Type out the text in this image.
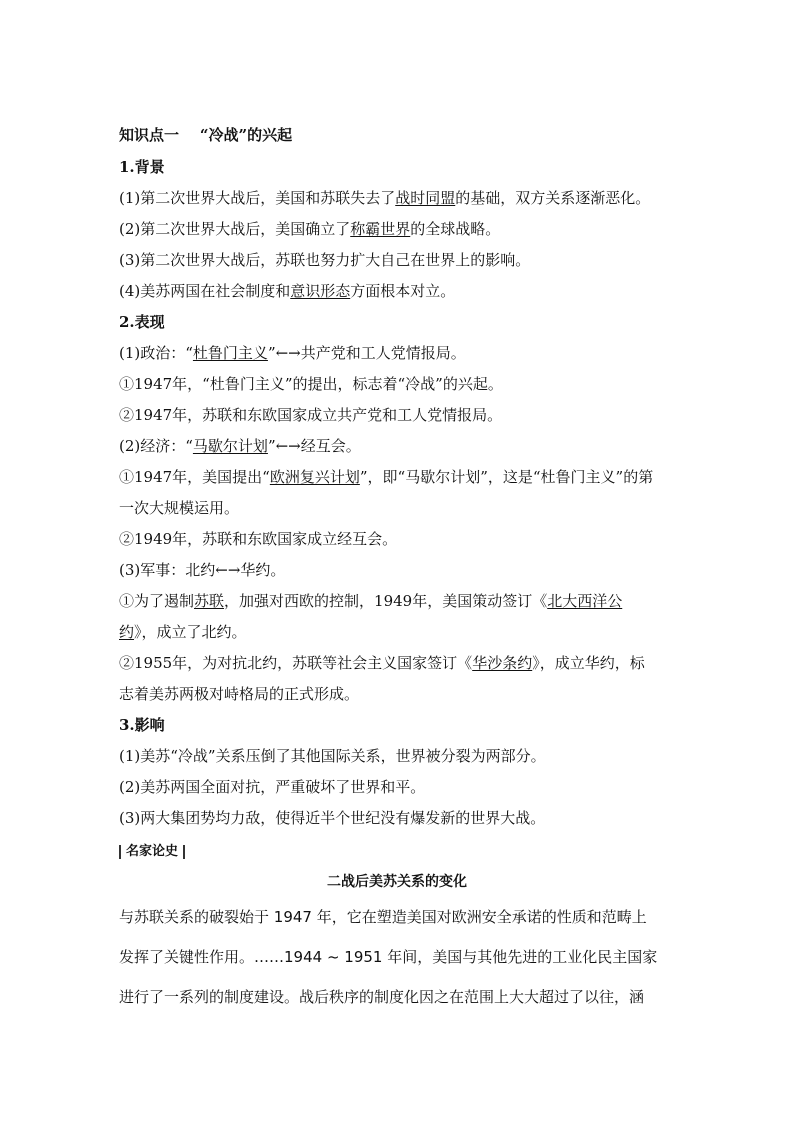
知识点一 “冷战”的兴起
1.背景
(1)第二次世界大战后，美国和苏联失去了战时同盟的基础，双方关系逐渐恶化。
(2)第二次世界大战后，美国确立了称霸世界的全球战略。
(3)第二次世界大战后，苏联也努力扩大自己在世界上的影响。
(4)美苏两国在社会制度和意识形态方面根本对立。
2.表现
(1)政治：“杜鲁门主义”←→共产党和工人党情报局。
①1947年，“杜鲁门主义”的提出，标志着“冷战”的兴起。
②1947年，苏联和东欧国家成立共产党和工人党情报局。
(2)经济：“马歇尔计划”←→经互会。
①1947年，美国提出“欧洲复兴计划”，即“马歇尔计划”，这是“杜鲁门主义”的第
一次大规模运用。
②1949年，苏联和东欧国家成立经互会。
(3)军事：北约←→华约。
①为了遏制苏联，加强对西欧的控制，1949年，美国策动签订《北大西洋公
约》，成立了北约。
②1955年，为对抗北约，苏联等社会主义国家签订《华沙条约》，成立华约，标
志着美苏两极对峙格局的正式形成。
3.影响
(1)美苏“冷战”关系压倒了其他国际关系，世界被分裂为两部分。
(2)美苏两国全面对抗，严重破坏了世界和平。
(3)两大集团势均力敌，使得近半个世纪没有爆发新的世界大战。
名家论史
二战后美苏关系的变化
与苏联关系的破裂始于 1947 年，它在塑造美国对欧洲安全承诺的性质和范畴上
发挥了关键性作用。……1944 ~ 1951 年间，美国与其他先进的工业化民主国家
进行了一系列的制度建设。战后秩序的制度化因之在范围上大大超过了以往，涵
